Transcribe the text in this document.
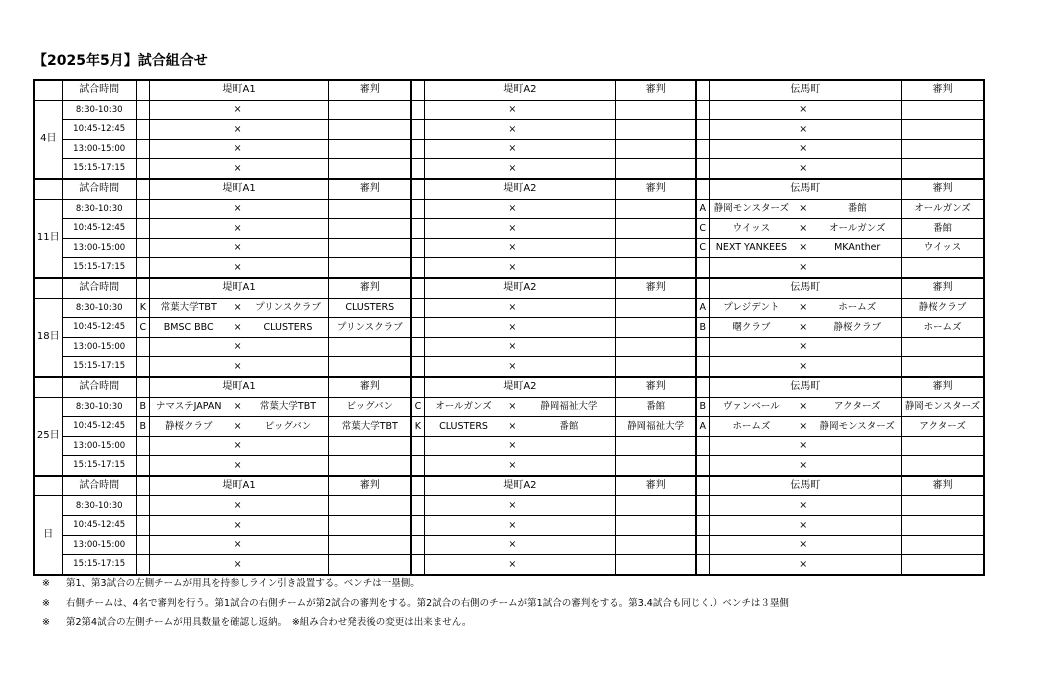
【2025年5月】試合組合せ
	試合時間		堤町A1			審判		堤町A2			審判		伝馬町			審判
4日	8:30-10:30			×					×					×		
	10:45-12:45			×					×					×		
	13:00-15:00			×					×					×		
	15:15-17:15			×					×					×		
	試合時間		堤町A1			審判		堤町A2			審判		伝馬町			審判
11日	8:30-10:30			×					×			A	静岡モンスターズ	×	番館	オールガンズ
	10:45-12:45			×					×			C	ウイッス	×	オールガンズ	番館
	13:00-15:00			×					×			C	NEXT YANKEES	×	MKAnther	ウイッス
	15:15-17:15			×					×					×		
	試合時間		堤町A1			審判		堤町A2			審判		伝馬町			審判
18日	8:30-10:30	K	常葉大学TBT	×	プリンスクラブ	CLUSTERS			×			A	プレジデント	×	ホームズ	静桜クラブ
	10:45-12:45	C	BMSC BBC	×	CLUSTERS	プリンスクラブ			×			B	曙クラブ	×	静桜クラブ	ホームズ
	13:00-15:00			×					×					×		
	15:15-17:15			×					×					×		
	試合時間		堤町A1			審判		堤町A2			審判		伝馬町			審判
25日	8:30-10:30	B	ナマステJAPAN	×	常葉大学TBT	ビッグバン	C	オールガンズ	×	静岡福祉大学	番館	B	ヴァンベール	×	アクターズ	静岡モンスターズ
	10:45-12:45	B	静桜クラブ	×	ビッグバン	常葉大学TBT	K	CLUSTERS	×	番館	静岡福祉大学	A	ホームズ	×	静岡モンスターズ	アクターズ
	13:00-15:00			×					×					×		
	15:15-17:15			×					×					×		
	試合時間		堤町A1			審判		堤町A2			審判		伝馬町			審判
日	8:30-10:30			×					×					×		
	10:45-12:45			×					×					×		
	13:00-15:00			×					×					×		
	15:15-17:15			×					×					×		
※ 第1、第3試合の左側チームが用具を持参しライン引き設置する。ベンチは一塁側。
※ 右側チームは、4名で審判を行う。第1試合の右側チームが第2試合の審判をする。第2試合の右側のチームが第1試合の審判をする。第3.4試合も同じく.）ベンチは３塁側
※ 第2第4試合の左側チームが用具数量を確認し返納。　※組み合わせ発表後の変更は出来ません。
